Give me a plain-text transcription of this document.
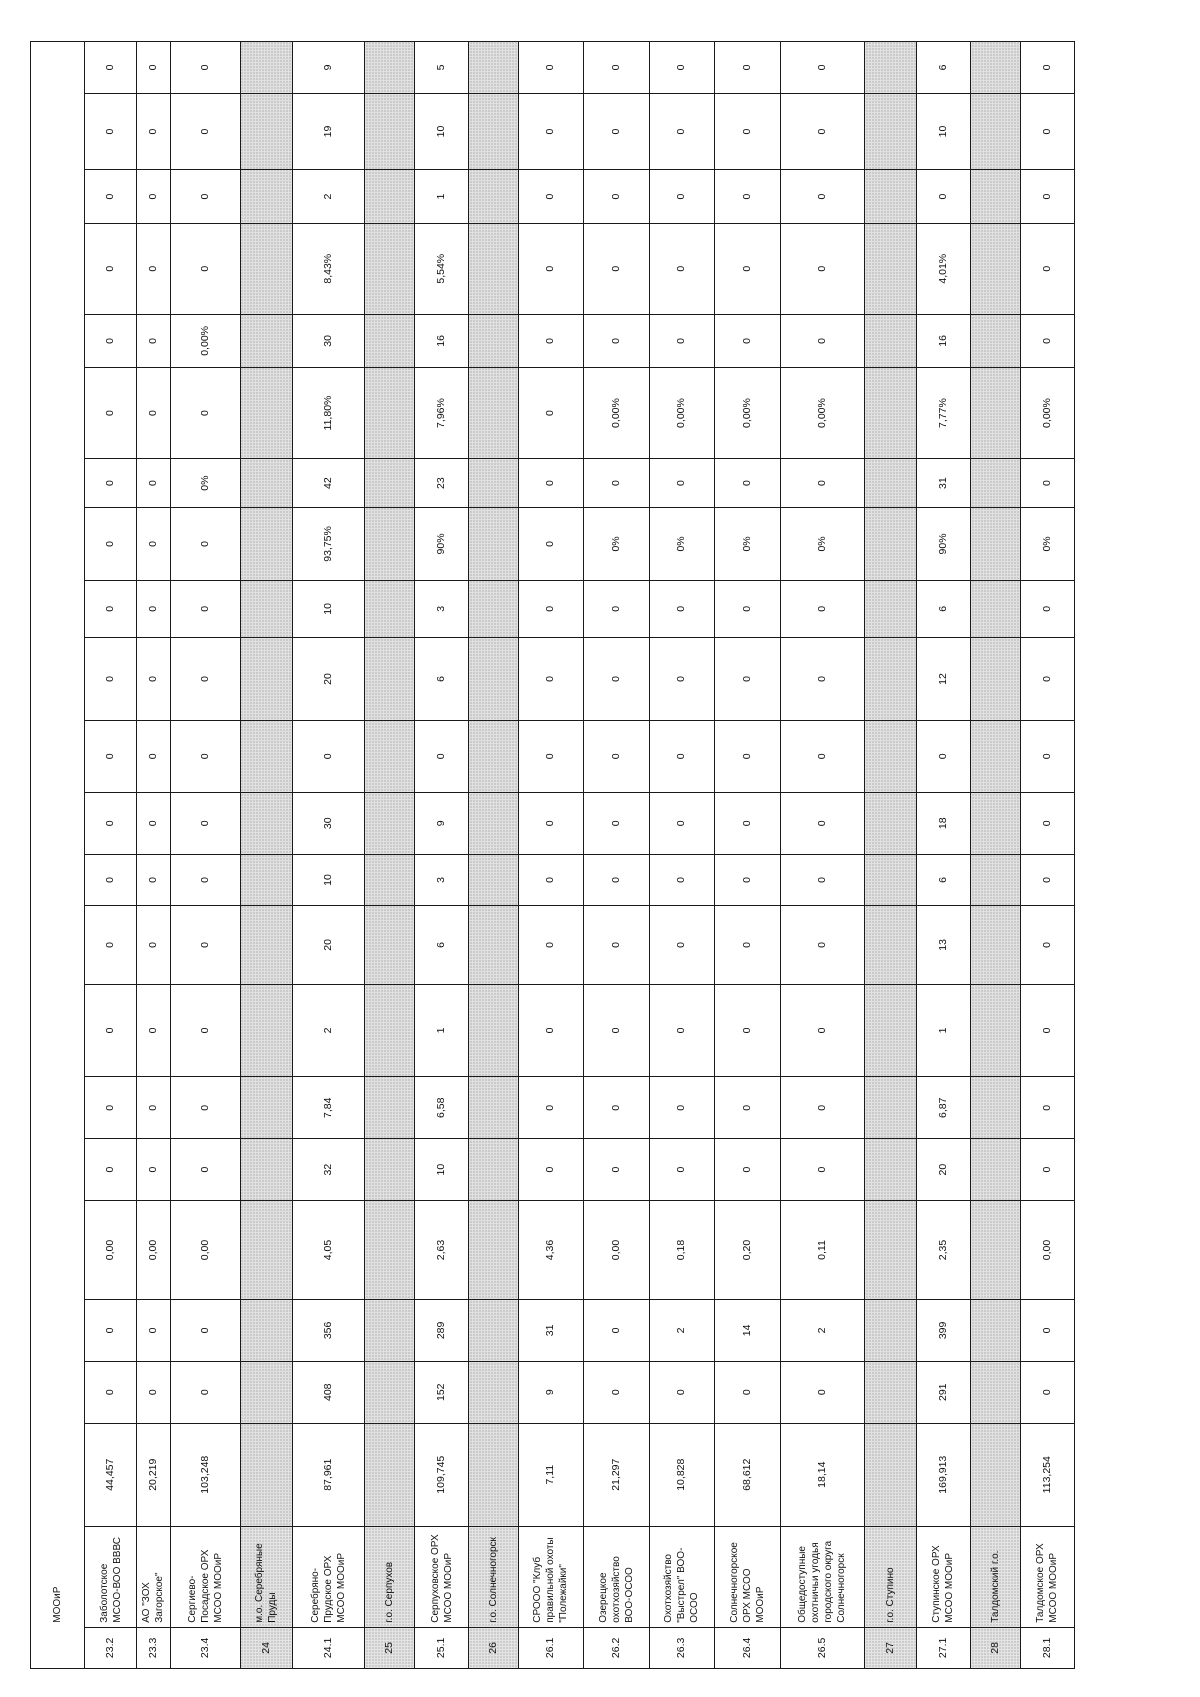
	МООиР																					
23.2	Заболотское МСОО-ВОО ВВВС	44,457	0	0	0,00	0	0	0	0	0	0	0	0	0	0	0	0	0	0	0	0	0
23.3	АО "ЗОХ Загорское"	20,219	0	0	0,00	0	0	0	0	0	0	0	0	0	0	0	0	0	0	0	0	0
23.4	Сергиево-Посадское ОРХ МСОО МООиР	103,248	0	0	0,00	0	0	0	0	0	0	0	0	0	0	0%	0	0,00%	0	0	0	0
24	м.о. Серебряные Пруды																					
24.1	Серебряно-Прудское ОРХ МСОО МООиР	87,961	408	356	4,05	32	7,84	2	20	10	30	0	20	10	93,75%	42	11,80%	30	8,43%	2	19	9
25	г.о. Серпухов																					
25.1	Серпуховское ОРХ МСОО МООиР	109,745	152	289	2,63	10	6,58	1	6	3	9	0	6	3	90%	23	7,96%	16	5,54%	1	10	5
26	г.о. Солнечногорск																					
26.1	СРООО "Клуб правильной охоты "Полежайки"	7,11	9	31	4,36	0	0	0	0	0	0	0	0	0	0	0	0	0	0	0	0	0
26.2	Озерецкое охотхозяйство ВОО-ОСОО	21,297	0	0	0,00	0	0	0	0	0	0	0	0	0	0%	0	0,00%	0	0	0	0	0
26.3	Охотхозяйство "Выстрел" ВОО-ОСОО	10,828	0	2	0,18	0	0	0	0	0	0	0	0	0	0%	0	0,00%	0	0	0	0	0
26.4	Солнечногорское ОРХ МСОО МООиР	68,612	0	14	0,20	0	0	0	0	0	0	0	0	0	0%	0	0,00%	0	0	0	0	0
26.5	Общедоступные охотничьи угодья городского округа Солнечногорск	18,14	0	2	0,11	0	0	0	0	0	0	0	0	0	0%	0	0,00%	0	0	0	0	0
27	г.о. Ступино																					
27.1	Ступинское ОРХ МСОО МООиР	169,913	291	399	2,35	20	6,87	1	13	6	18	0	12	6	90%	31	7,77%	16	4,01%	0	10	6
28	Талдомский г.о.																					
28.1	Талдомское ОРХ МСОО МООиР	113,254	0	0	0,00	0	0	0	0	0	0	0	0	0	0%	0	0,00%	0	0	0	0	0
